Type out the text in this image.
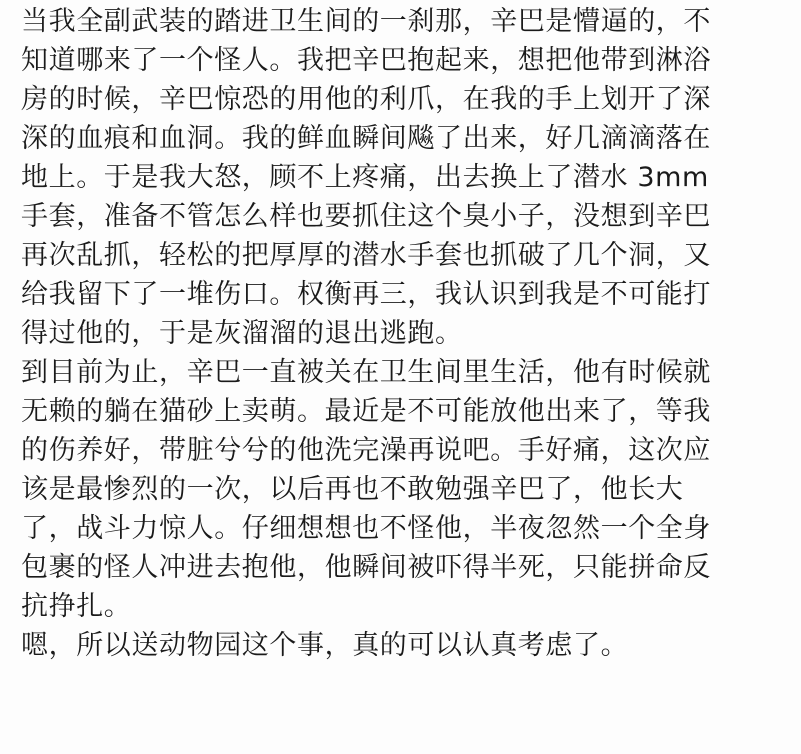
当我全副武装的踏进卫生间的一刹那，辛巴是懵逼的，不
知道哪来了一个怪人。我把辛巴抱起来，想把他带到淋浴
房的时候，辛巴惊恐的用他的利爪，在我的手上划开了深
深的血痕和血洞。我的鲜血瞬间飚了出来，好几滴滴落在
地上。于是我大怒，顾不上疼痛，出去换上了潜水 3mm
手套，准备不管怎么样也要抓住这个臭小子，没想到辛巴
再次乱抓，轻松的把厚厚的潜水手套也抓破了几个洞，又
给我留下了一堆伤口。权衡再三，我认识到我是不可能打
得过他的，于是灰溜溜的退出逃跑。
到目前为止，辛巴一直被关在卫生间里生活，他有时候就
无赖的躺在猫砂上卖萌。最近是不可能放他出来了，等我
的伤养好，带脏兮兮的他洗完澡再说吧。手好痛，这次应
该是最惨烈的一次，以后再也不敢勉强辛巴了，他长大
了，战斗力惊人。仔细想想也不怪他，半夜忽然一个全身
包裹的怪人冲进去抱他，他瞬间被吓得半死，只能拼命反
抗挣扎。
嗯，所以送动物园这个事，真的可以认真考虑了。
